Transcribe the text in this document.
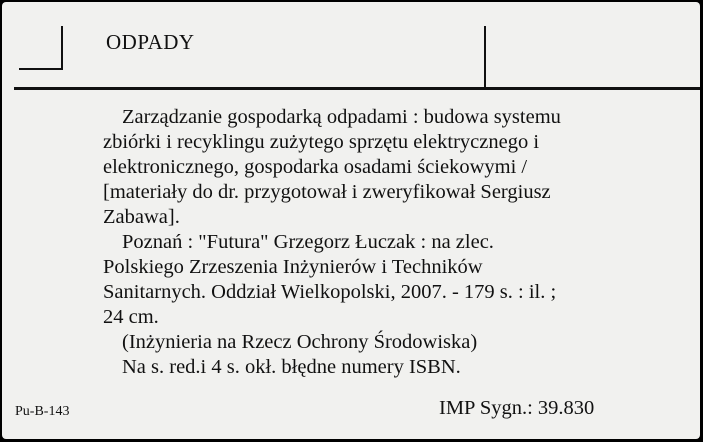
ODPADY
Zarządzanie gospodarką odpadami : budowa systemu
zbiórki i recyklingu zużytego sprzętu elektrycznego i
elektronicznego, gospodarka osadami ściekowymi /
[materiały do dr. przygotował i zweryfikował Sergiusz
Zabawa].
Poznań : "Futura" Grzegorz Łuczak : na zlec.
Polskiego Zrzeszenia Inżynierów i Techników
Sanitarnych. Oddział Wielkopolski, 2007. - 179 s. : il. ;
24 cm.
(Inżynieria na Rzecz Ochrony Środowiska)
Na s. red.i 4 s. okł. błędne numery ISBN.
Pu-B-143	IMP Sygn.: 39.830
